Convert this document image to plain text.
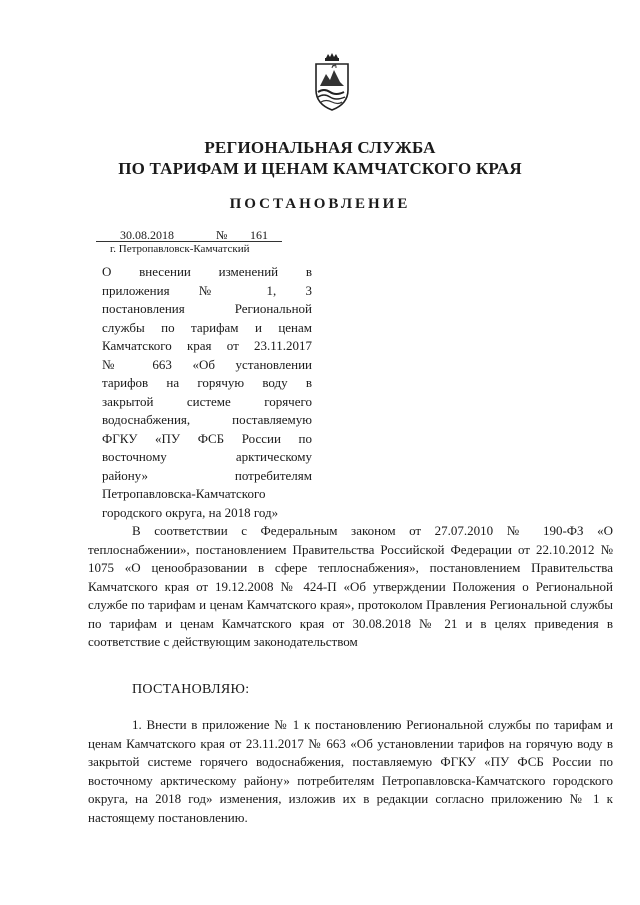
РЕГИОНАЛЬНАЯ СЛУЖБА
ПО ТАРИФАМ И ЦЕНАМ КАМЧАТСКОГО КРАЯ
ПОСТАНОВЛЕНИЕ
30.08.2018	№ 161
г. Петропавловск-Камчатский
О внесении изменений в
приложения № 1, 3
постановления Региональной
службы по тарифам и ценам
Камчатского края от 23.11.2017
№ 663 «Об установлении
тарифов на горячую воду в
закрытой системе горячего
водоснабжения, поставляемую
ФГКУ «ПУ ФСБ России по
восточному арктическому
району» потребителям
Петропавловска-Камчатского
городского округа, на 2018 год»
В соответствии с Федеральным законом от 27.07.2010 № 190-ФЗ «О теплоснабжении», постановлением Правительства Российской Федерации от 22.10.2012 № 1075 «О ценообразовании в сфере теплоснабжения», постановлением Правительства Камчатского края от 19.12.2008 № 424-П «Об утверждении Положения о Региональной службе по тарифам и ценам Камчатского края», протоколом Правления Региональной службы по тарифам и ценам Камчатского края от 30.08.2018 № 21 и в целях приведения в соответствие с действующим законодательством
ПОСТАНОВЛЯЮ:
1. Внести в приложение № 1 к постановлению Региональной службы по тарифам и ценам Камчатского края от 23.11.2017 № 663 «Об установлении тарифов на горячую воду в закрытой системе горячего водоснабжения, поставляемую ФГКУ «ПУ ФСБ России по восточному арктическому району» потребителям Петропавловска-Камчатского городского округа, на 2018 год» изменения, изложив их в редакции согласно приложению № 1 к настоящему постановлению.
